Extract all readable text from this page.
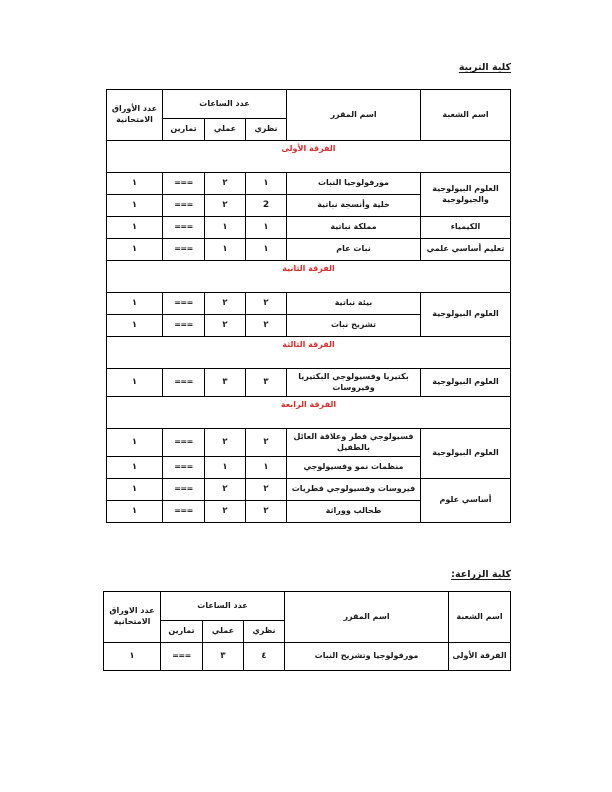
كلية التربية
اسم الشعبة	اسم المقرر	عدد الساعات			عدد الأوراق
الامتحانية
		نظري	عملي	تمارين	
الفرقة الأولى					
العلوم البيولوجية
والجيولوجية	مورفولوجيا النبات	١	٢	===	١
	خلية وأنسجة نباتية	2	٢	===	١
الكيمياء	مملكة نباتية	١	١	===	١
تعليم أساسي علمي	نبات عام	١	١	===	١
الفرقة الثانية					
العلوم البيولوجية	بيئة نباتية	٢	٢	===	١
	تشريح نبات	٢	٢	===	١
الفرقة الثالثة					
العلوم البيولوجية	بكتيريا وفسيولوجي البكتيريا
وفيروسات	٣	٣	===	١
الفرقة الرابعة					
العلوم البيولوجية	فسيولوجي فطر وعلاقة العائل
بالطفيل	٢	٢	===	١
	منظمات نمو وفسيولوجي	١	١	===	١
أساسي علوم	فيروسات وفسيولوجي فطريات	٢	٢	===	١
	طحالب ووراثة	٢	٢	===	١
كلية الزراعة:
اسم الشعبة	اسم المقرر	عدد الساعات			عدد الاوراق
الامتحانية
		نظري	عملي	تمارين	
الفرقة الأولى	مورفولوجيا وتشريح النبات	٤	٣	===	١
